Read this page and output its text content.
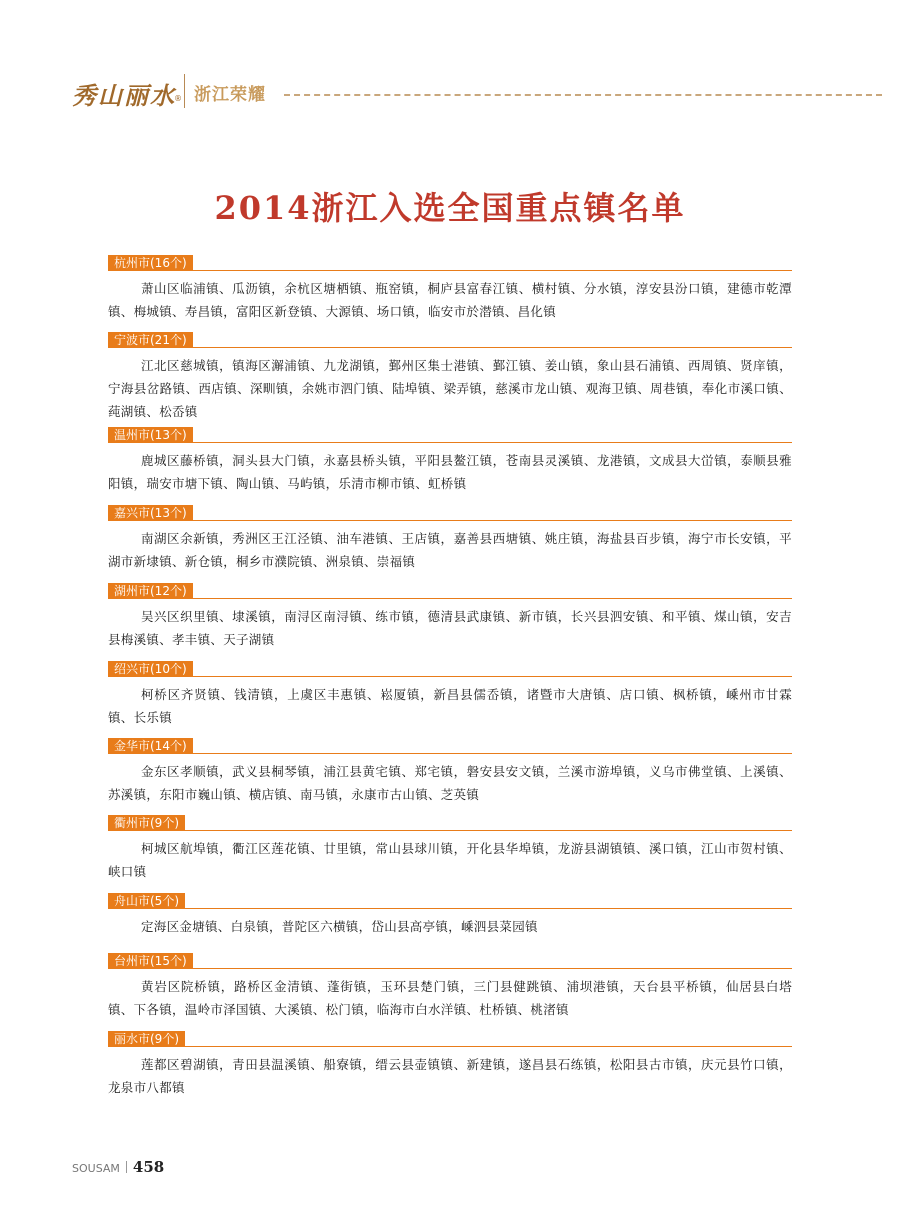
秀山丽水
® 浙江荣耀
2014浙江入选全国重点镇名单
杭州市(16个)

萧山区临浦镇、瓜沥镇，余杭区塘栖镇、瓶窑镇，桐庐县富春江镇、横村镇、分水镇，淳安县汾口镇，建德市乾潭镇、梅城镇、寿昌镇，富阳区新登镇、大源镇、场口镇，临安市於潜镇、昌化镇

宁波市(21个)

江北区慈城镇，镇海区澥浦镇、九龙湖镇，鄞州区集士港镇、鄞江镇、姜山镇，象山县石浦镇、西周镇、贤庠镇，宁海县岔路镇、西店镇、深甽镇，余姚市泗门镇、陆埠镇、梁弄镇，慈溪市龙山镇、观海卫镇、周巷镇，奉化市溪口镇、莼湖镇、松岙镇

温州市(13个)

鹿城区藤桥镇，洞头县大门镇，永嘉县桥头镇，平阳县鳌江镇，苍南县灵溪镇、龙港镇，文成县大峃镇，泰顺县雅阳镇，瑞安市塘下镇、陶山镇、马屿镇，乐清市柳市镇、虹桥镇

嘉兴市(13个)

南湖区余新镇，秀洲区王江泾镇、油车港镇、王店镇，嘉善县西塘镇、姚庄镇，海盐县百步镇，海宁市长安镇，平湖市新埭镇、新仓镇，桐乡市濮院镇、洲泉镇、崇福镇

湖州市(12个)

吴兴区织里镇、埭溪镇，南浔区南浔镇、练市镇，德清县武康镇、新市镇，长兴县泗安镇、和平镇、煤山镇，安吉县梅溪镇、孝丰镇、天子湖镇

绍兴市(10个)

柯桥区齐贤镇、钱清镇，上虞区丰惠镇、崧厦镇，新昌县儒岙镇，诸暨市大唐镇、店口镇、枫桥镇，嵊州市甘霖镇、长乐镇

金华市(14个)

金东区孝顺镇，武义县桐琴镇，浦江县黄宅镇、郑宅镇，磐安县安文镇，兰溪市游埠镇，义乌市佛堂镇、上溪镇、苏溪镇，东阳市巍山镇、横店镇、南马镇，永康市古山镇、芝英镇

衢州市(9个)

柯城区航埠镇，衢江区莲花镇、廿里镇，常山县球川镇，开化县华埠镇，龙游县湖镇镇、溪口镇，江山市贺村镇、峡口镇

舟山市(5个)

定海区金塘镇、白泉镇，普陀区六横镇，岱山县高亭镇，嵊泗县菜园镇

台州市(15个)

黄岩区院桥镇，路桥区金清镇、蓬街镇，玉环县楚门镇，三门县健跳镇、浦坝港镇，天台县平桥镇，仙居县白塔镇、下各镇，温岭市泽国镇、大溪镇、松门镇，临海市白水洋镇、杜桥镇、桃渚镇

丽水市(9个)

莲都区碧湖镇，青田县温溪镇、船寮镇，缙云县壶镇镇、新建镇，遂昌县石练镇，松阳县古市镇，庆元县竹口镇，龙泉市八都镇

SOUSAM 458
